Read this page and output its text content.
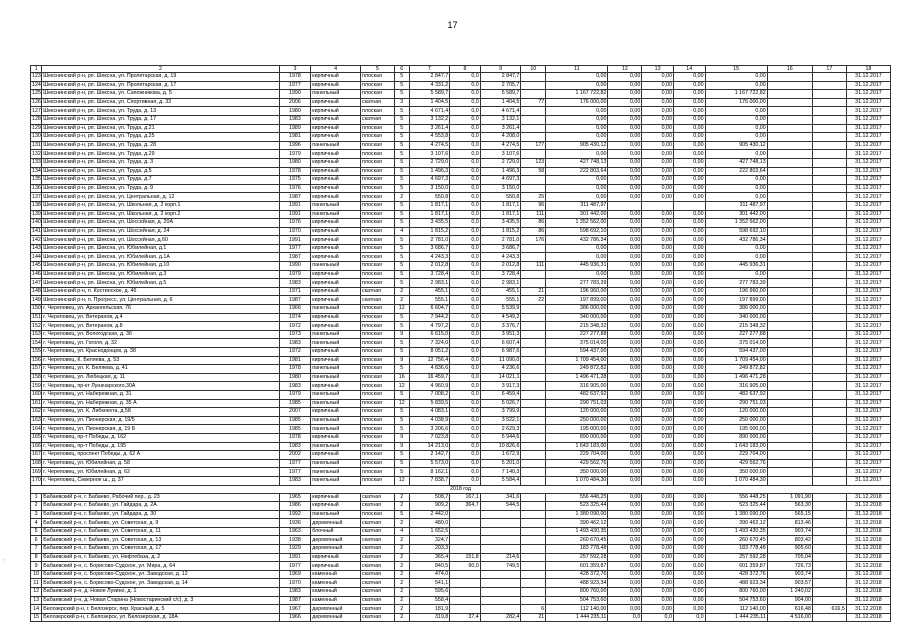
17
:
1	2	3	4	5	6	7	8	9	10	11	12	13	14	15	16	17	18
123	Шекснинский р-н, рп. Шексна, ул. Пролетарская, д. 19	1978	кирпичный	плоская	5	2 847,7	0,0	2 847,7		0,00	0,00	0,00	0,00	0,00			31.12.2017
124	Шекснинский р-н, рп. Шексна, ул. Пролетарская, д. 17	1977	кирпичный	плоская	5	4 331,2	0,0	2 705,7		0,00	0,00	0,00	0,00	0,00			31.12.2017
125	Шекснинский р-н, рп. Шексна, ул. Сапожникова, д. 5	1990	панельный	плоская	5	5 589,7	0,0	5 589,7		1 167 722,82	0,00	0,00	0,00	1 167 722,82			31.12.2017
126	Шекснинский р-н, рп. Шексна, ул. Спортивная, д. 33	2006	кирпичный	скатная	3	1 404,5	0,0	1 404,5	77	176 000,00	0,00	0,00	0,00	176 000,00			31.12.2017
127	Шекснинский р-н, рп. Шексна, ул. Труда, д. 13	1980	кирпичный	плоская	5	4 671,4	0,0	4 671,4		0,00	0,00	0,00	0,00	0,00			31.12.2017
128	Шекснинский р-н, рп. Шексна, ул. Труда, д. 17	1983	кирпичный	скатная	5	3 132,2	0,0	3 132,1		0,00	0,00	0,00	0,00	0,00			31.12.2017
129	Шекснинский р-н, рп. Шексна, ул. Труда, д.21	1989	кирпичный	плоская	5	3 261,4	0,0	3 261,4		0,00	0,00	0,00	0,00	0,00			31.12.2017
130	Шекснинский р-н, рп. Шексна, ул. Труда, д.25	1981	кирпичный	плоская	5	4 553,8	0,0	4 208,0		0,00	0,00	0,00	0,00	0,00			31.12.2017
131	Шекснинский р-н, рп. Шексна, ул. Труда, д. 28	1996	панельный	плоская	5	4 274,5	0,0	4 274,5	177	905 430,12	0,00	0,00	0,00	905 430,12			31.12.2017
132	Шекснинский р-н, рп. Шексна, ул. Труда, д.29	1979	кирпичный	плоская	5	3 107,6	0,0	3 107,6		0,00	0,00	0,00	0,00	0,00			31.12.2017
133	Шекснинский р-н, рп. Шексна, ул. Труда, д. 3	1980	кирпичный	плоская	5	2 729,0	0,0	2 729,0	123	427 748,13	0,00	0,00	0,00	427 748,13			31.12.2017
134	Шекснинский р-н, рп. Шексна, ул. Труда, д.5	1978	кирпичный	плоская	5	1 496,3	0,0	1 496,3	58	222 803,64	0,00	0,00	0,00	222 803,64			31.12.2017
135	Шекснинский р-н, рп. Шексна, ул. Труда, д.7	1975	кирпичный	плоская	5	4 697,3	0,0	4 697,3		0,00	0,00	0,00	0,00	0,00			31.12.2017
136	Шекснинский р-н, рп. Шексна, ул. Труда, д. 9	1976	кирпичный	плоская	5	3 150,0	0,0	3 150,0		0,00	0,00	0,00	0,00	0,00			31.12.2017
137	Шекснинский р-н, рп. Шексна, ул. Центральная, д. 12	1987	кирпичный	плоская	2	550,8	0,0	550,8	25	0,00	0,00	0,00	0,00	0,00			31.12.2017
138	Шекснинский р-н, рп. Шексна, ул. Школьная, д. 2 корп.1	1991	панельный	плоская	5	1 817,1	0,0	1 817,1	96	311 487,97				311 487,97			31.12.2017
139	Шекснинский р-н, рп. Шексна, ул. Школьная, д. 2 корп.2	1991	панельный	плоская	5	1 817,1	0,0	1 817,1	111	301 442,00	0,00	0,00	0,00	301 442,00			31.12.2017
140	Шекснинский р-н, рп. Шексна, ул. Шоссейная, д. 20А	1976	кирпичный	плоская	5	3 435,5	0,0	3 435,5	86	1 352 562,00	0,00	0,00	0,00	1 352 562,00			31.12.2017
141	Шекснинский р-н, рп. Шексна, ул. Шоссейная, д. 24	1970	кирпичный	плоская	4	1 815,2	0,0	1 815,2	86	598 692,10	0,00	0,00	0,00	598 692,10			31.12.2017
142	Шекснинский р-н, рп. Шексна, ул. Шоссейная, д.60	1991	кирпичный	плоская	5	2 781,0	0,0	2 781,0	176	432 786,34	0,00	0,00	0,00	432 786,34			31.12.2017
143	Шекснинский р-н, рп. Шексна, ул. Юбилейная, д.1	1977	кирпичный	плоская	5	3 686,7	0,0	3 686,7		0,00	0,00	0,00	0,00	0,00			31.12.2017
144	Шекснинский р-н, рп. Шексна, ул. Юбилейная, д.1А	1987	кирпичный	плоская	5	4 243,3	0,0	4 243,3		0,00	0,00	0,00	0,00	0,00			31.12.2017
145	Шекснинский р-н, рп. Шексна, ул. Юбилейная, д.10	1990	панельный	плоская	5	2 012,8	0,0	2 012,8	111	445 936,31	0,00	0,00	0,00	445 936,31			31.12.2017
146	Шекснинский р-н, рп. Шексна, ул. Юбилейная, д.3	1979	кирпичный	плоская	5	3 728,4	0,0	3 728,4		0,00	0,00	0,00	0,00	0,00			31.12.2017
147	Шекснинский р-н, рп. Шексна, ул. Юбилейная, д.5	1983	кирпичный	плоская	5	2 983,1	0,0	2 983,1		277 783,39	0,00	0,00	0,00	277 783,39			31.12.2017
148	Шекснинский р-н, п. Костинское, д. 46	1971	кирпичный	скатная	2	455,1	0,0	455,1	21	196 960,00	0,00	0,00	0,00	196 960,00			31.12.2017
149	Шекснинский р-н, п. Прогресс, ул. Центральная, д. 6	1987	кирпичный	скатная	2	555,1	0,0	555,1	22	197 899,00	0,00	0,00	0,00	197 899,00			31.12.2017
150	г. Череповец, ул. Архангельская, 76	1966	панельный	плоская	12	6 604,7	0,0	5 539,9		386 000,00	0,00	0,00	0,00	386 000,00			31.12.2017
151	г. Череповец, ул. Ветеранов, д.4	1974	кирпичный	плоская	5	7 944,2	0,0	4 549,2		340 000,00	0,00	0,00	0,00	340 000,00			31.12.2017
152	г. Череповец, ул. Ветеранов, д.8	1972	кирпичный	плоская	5	4 797,2	0,0	3 376,7		215 348,32	0,00	0,00	0,00	215 348,32			31.12.2017
153	г. Череповец, ул. Вологодская, д. 36	1973	панельный	плоская	9	6 615,0	0,0	3 951,3		227 277,88	0,00	0,00	0,00	227 277,88			31.12.2017
154	г. Череповец, ул. Гоголя, д. 32	1983	панельный	плоская	5	7 324,0	0,0	6 607,4		375 014,00	0,00	0,00	0,00	375 014,00			31.12.2017
155	г. Череповец, ул. Краснодонцев, д. 38	1972	кирпичный	плоская	5	8 051,2	0,0	6 987,6		594 437,00	0,00	0,00	0,00	594 437,00			31.12.2017
156	г. Череповец, К. Беляева, д. 53	1981	кирпичный	плоская	9	12 756,4	0,0	11 090,0		1 709 454,00	0,00	0,00	0,00	1 709 454,00			31.12.2017
157	г. Череповец, ул. К. Беляева, д. 41	1978	панельный	плоская	5	4 836,6	0,0	4 236,6		249 872,82	0,00	0,00	0,00	249 872,82			31.12.2017
158	г. Череповец, ул. Любецкая, д. 11	1980	панельный	плоская	16	16 459,7	0,0	14 021,1		1 496 471,28	0,00	0,00	0,00	1 496 471,28			31.12.2017
159	г. Череповец, пр-кт Луначарского,30А	1983	кирпичный	плоская	12	4 960,9	0,0	3 917,3		316 905,00	0,00	0,00	0,00	316 905,00			31.12.2017
160	г. Череповец, ул. Набережная, д. 31	1979	панельный	плоская	5	7 008,2	0,0	6 459,4		482 637,92	0,00	0,00	0,00	482 637,92			31.12.2017
161	г. Череповец, ул. Набережная, д. 35 А	1985	панельный	плоская	12	5 839,5	0,0	5 026,7		290 751,03	0,00	0,00	0,00	290 751,03			31.12.2017
162	г. Череповец, ул. К. Либкнехта, д.58	2007	кирпичный	плоская	5	4 083,1	0,0	3 799,9		120 000,00	0,00	0,00	0,00	120 000,00			31.12.2017
163	г. Череповец, ул. Пионерская, д. 19/5	1985	панельный	плоская	5	4 038,9	0,0	3 522,1		250 000,00	0,00	0,00	0,00	250 000,00			31.12.2017
164	г. Череповец, ул. Пионерская, д. 19 Б	1985	панельный	плоская	5	3 206,6	0,0	2 629,3		195 000,00	0,00	0,00	0,00	195 000,00			31.12.2017
165	г. Череповец, пр-т Победы, д. 162	1978	кирпичный	плоская	9	7 023,8	0,0	5 944,6		890 000,00	0,00	0,00	0,00	890 000,00			31.12.2017
166	г. Череповец, пр-т Победы, д. 195	1983	панельный	плоская	9	14 213,0	0,0	10 826,6		1 643 183,00	0,00	0,00	0,00	1 643 183,00			31.12.2017
167	г. Череповец, проспект Победы, д. 62 А	2002	кирпичный	плоская	5	2 142,7	0,0	1 672,9		229 704,00	0,00	0,00	0,00	229 704,00			31.12.2017
168	г. Череповец, ул. Юбилейная, д. 58	1977	панельный	плоская	5	5 573,0	0,0	5 201,0		429 562,76	0,00	0,00	0,00	429 562,76			31.12.2017
169	г. Череповец, ул. Юбилейная, д. 62	1977	панельный	плоская	5	8 162,1	0,0	7 140,3		350 000,00	0,00	0,00	0,00	350 000,00			31.12.2017
170	г. Череповец, Северное ш., д. 37	1983	панельный	плоская	12	7 838,7	0,0	5 584,4		1 070 484,30	0,00	0,00	0,00	1 070 484,30			31.12.2017
2018 год																	
1	Бабаевский р-н, г. Бабаево, Рабочий пер., д. 23	1965	кирпичный	скатная	2	508,7	167,1	341,6		556 448,25	0,00	0,00	0,00	556 448,25	1 091,90		31.12.2018
2	Бабаевский р-н, г. Бабаево, ул. Гайдара, д. 2А	1986	кирпичный	скатная	2	909,2	364,7	544,5		523 325,44	0,00	0,00	0,00	523 325,44	563,30		31.12.2018
3	Бабаевский р-н, г. Бабаево, ул. Гайдара, д. 30	1992	панельный	плоская	5	2 442,0				1 380 090,00	0,00	0,00	0,00	1 380 090,00	565,15		31.12.2018
4	Бабаевский р-н, г. Бабаево, ул. Советская, д. 9	1936	деревянный	скатная	2	480,0				390 462,12	0,00	0,00	0,00	390 462,12	813,46		31.12.2018
5	Бабаевский р-н, г. Бабаево, ул. Советская, д. 11	1963	блочный	скатная	4	1 652,5				1 493 430,35	0,00	0,00	0,00	1 493 430,35	903,74		31.12.2018
6	Бабаевский р-н, г. Бабаево, ул. Советская, д. 13	1938	деревянный	скатная	2	324,7				260 670,45	0,00	0,00	0,00	260 670,45	803,42		31.12.2018
7	Бабаевский р-н, г. Бабаево, ул. Советская, д. 17	1929	деревянный	скатная	2	203,3				183 778,48	0,00	0,00	0,00	183 778,48	905,60		31.12.2018
8	Бабаевский р-н, г. Бабаево, ул. Нефтебаза, д. 2	1991	кирпичный	скатная	2	365,4	151,8	214,6		257 592,28	0,00	0,00	0,00	257 592,28	705,04		31.12.2018
9	Бабаевский р-н, с. Борисово-Судское, ул. Мира, д. 64	1977	кирпичный	скатная	2	840,5	90,0	749,5		601 359,87	0,00	0,00	0,00	601 359,87	726,73		31.12.2018
10	Бабаевский р-н, с. Борисово-Судское, ул. Заводская, д. 12	1969	каменный	скатная	2	474,0				428 372,76	0,00	0,00	0,00	428 372,76	903,74		31.12.2018
11	Бабаевский р-н, с. Борисово-Судское, ул. Заводская, д. 14	1970	каменный	скатная	2	541,1				488 923,34	0,00	0,00	0,00	488 923,34	903,57		31.12.2018
12	Бабаевский р-н, д. Новое Лукино, д. 1	1983	каменный	скатная	2	595,6				800 760,00	0,00	0,00	0,00	800 760,00	1 240,02		31.12.2018
13	Бабаевский р-н, д. Новая Старина (Новостаринский с/с), д. 3	1987	каменный	скатная	2	558,4				504 753,60	0,00	0,00	0,00	504 753,60	904,00		31.12.2018
14	Белозерский р-н, г. Белозерск, пер. Красный, д. 5	1967	деревянный	скатная	2	181,9			6	112 140,00	0,00	0,00	0,00	112 140,00	616,48	616,5	31.12.2018
15	Белозерский р-н, г. Белозерск, ул. Белозерская, д. 18А	1966	деревянный	скатная	2	319,8	37,4	282,4	21	1 444 235,11	0,0	0,0	0,0	1 444 235,11	4 516,00		31.12.2018
